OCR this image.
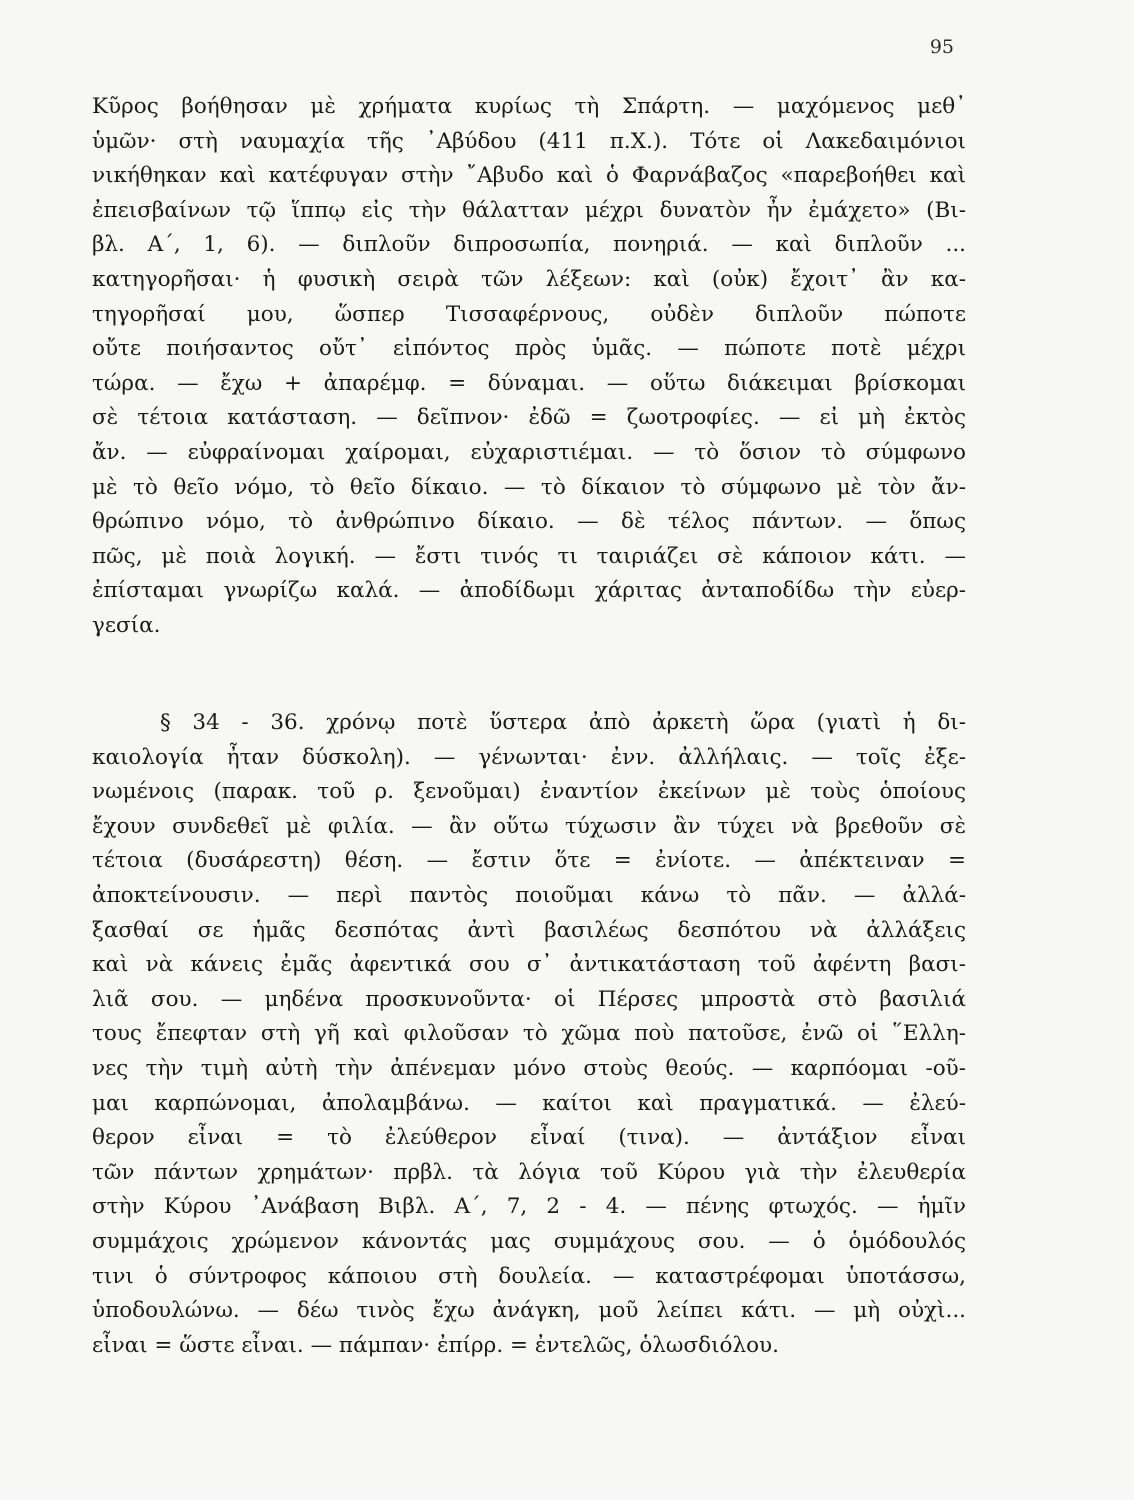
95
Κῦρος βοήθησαν μὲ χρήματα κυρίως τὴ Σπάρτη. — μαχόμενος μεθ᾽
ὑμῶν· στὴ ναυμαχία τῆς ᾿Αβύδου (411 π.Χ.). Τότε οἱ Λακεδαιμόνιοι
νικήθηκαν καὶ κατέφυγαν στὴν ῎Αβυδο καὶ ὁ Φαρνάβαζος «παρεβοήθει καὶ
ἐπεισβαίνων τῷ ἵππῳ εἰς τὴν θάλατταν μέχρι δυνατὸν ἦν ἐμάχετο» (Βι-
βλ. Α΄, 1, 6). — διπλοῦν διπροσωπία, πονηριά. — καὶ διπλοῦν ...
κατηγορῆσαι· ἡ φυσικὴ σειρὰ τῶν λέξεων: καὶ (οὐκ) ἔχοιτ᾽ ἂν κα-
τηγορῆσαί μου, ὥσπερ Τισσαφέρνους, οὐδὲν διπλοῦν πώποτε
οὔτε ποιήσαντος οὔτ᾽ εἰπόντος πρὸς ὑμᾶς. — πώποτε ποτὲ μέχρι
τώρα. — ἔχω + ἀπαρέμφ. = δύναμαι. — οὕτω διάκειμαι βρίσκομαι
σὲ τέτοια κατάσταση. — δεῖπνον· ἐδῶ = ζωοτροφίες. — εἰ μὴ ἐκτὸς
ἄν. — εὐφραίνομαι χαίρομαι, εὐχαριστιέμαι. — τὸ ὅσιον τὸ σύμφωνο
μὲ τὸ θεῖο νόμο, τὸ θεῖο δίκαιο. — τὸ δίκαιον τὸ σύμφωνο μὲ τὸν ἄν-
θρώπινο νόμο, τὸ ἀνθρώπινο δίκαιο. — δὲ τέλος πάντων. — ὅπως
πῶς, μὲ ποιὰ λογική. — ἔστι τινός τι ταιριάζει σὲ κάποιον κάτι. —
ἐπίσταμαι γνωρίζω καλά. — ἀποδίδωμι χάριτας ἀνταποδίδω τὴν εὐερ-
γεσία.
§ 34 - 36. χρόνῳ ποτὲ ὕστερα ἀπὸ ἀρκετὴ ὥρα (γιατὶ ἡ δι-
καιολογία ἦταν δύσκολη). — γένωνται· ἐνν. ἀλλήλαις. — τοῖς ἐξε-
νωμένοις (παρακ. τοῦ ρ. ξενοῦμαι) ἐναντίον ἐκείνων μὲ τοὺς ὁποίους
ἔχουν συνδεθεῖ μὲ φιλία. — ἂν οὕτω τύχωσιν ἂν τύχει νὰ βρεθοῦν σὲ
τέτοια (δυσάρεστη) θέση. — ἔστιν ὅτε = ἐνίοτε. — ἀπέκτειναν =
ἀποκτείνουσιν. — περὶ παντὸς ποιοῦμαι κάνω τὸ πᾶν. — ἀλλά-
ξασθαί σε ἡμᾶς δεσπότας ἀντὶ βασιλέως δεσπότου νὰ ἀλλάξεις
καὶ νὰ κάνεις ἐμᾶς ἀφεντικά σου σ᾽ ἀντικατάσταση τοῦ ἀφέντη βασι-
λιᾶ σου. — μηδένα προσκυνοῦντα· οἱ Πέρσες μπροστὰ στὸ βασιλιά
τους ἔπεφταν στὴ γῆ καὶ φιλοῦσαν τὸ χῶμα ποὺ πατοῦσε, ἐνῶ οἱ ῞Ελλη-
νες τὴν τιμὴ αὐτὴ τὴν ἀπένεμαν μόνο στοὺς θεούς. — καρπόομαι -οῦ-
μαι καρπώνομαι, ἀπολαμβάνω. — καίτοι καὶ πραγματικά. — ἐλεύ-
θερον εἶναι = τὸ ἐλεύθερον εἶναί (τινα). — ἀντάξιον εἶναι
τῶν πάντων χρημάτων· πρβλ. τὰ λόγια τοῦ Κύρου γιὰ τὴν ἐλευθερία
στὴν Κύρου ᾿Ανάβαση Βιβλ. Α΄, 7, 2 - 4. — πένης φτωχός. — ἡμῖν
συμμάχοις χρώμενον κάνοντάς μας συμμάχους σου. — ὁ ὁμόδουλός
τινι ὁ σύντροφος κάποιου στὴ δουλεία. — καταστρέφομαι ὑποτάσσω,
ὑποδουλώνω. — δέω τινὸς ἔχω ἀνάγκη, μοῦ λείπει κάτι. — μὴ οὐχὶ...
εἶναι = ὥστε εἶναι. — πάμπαν· ἐπίρρ. = ἐντελῶς, ὁλωσδιόλου.
